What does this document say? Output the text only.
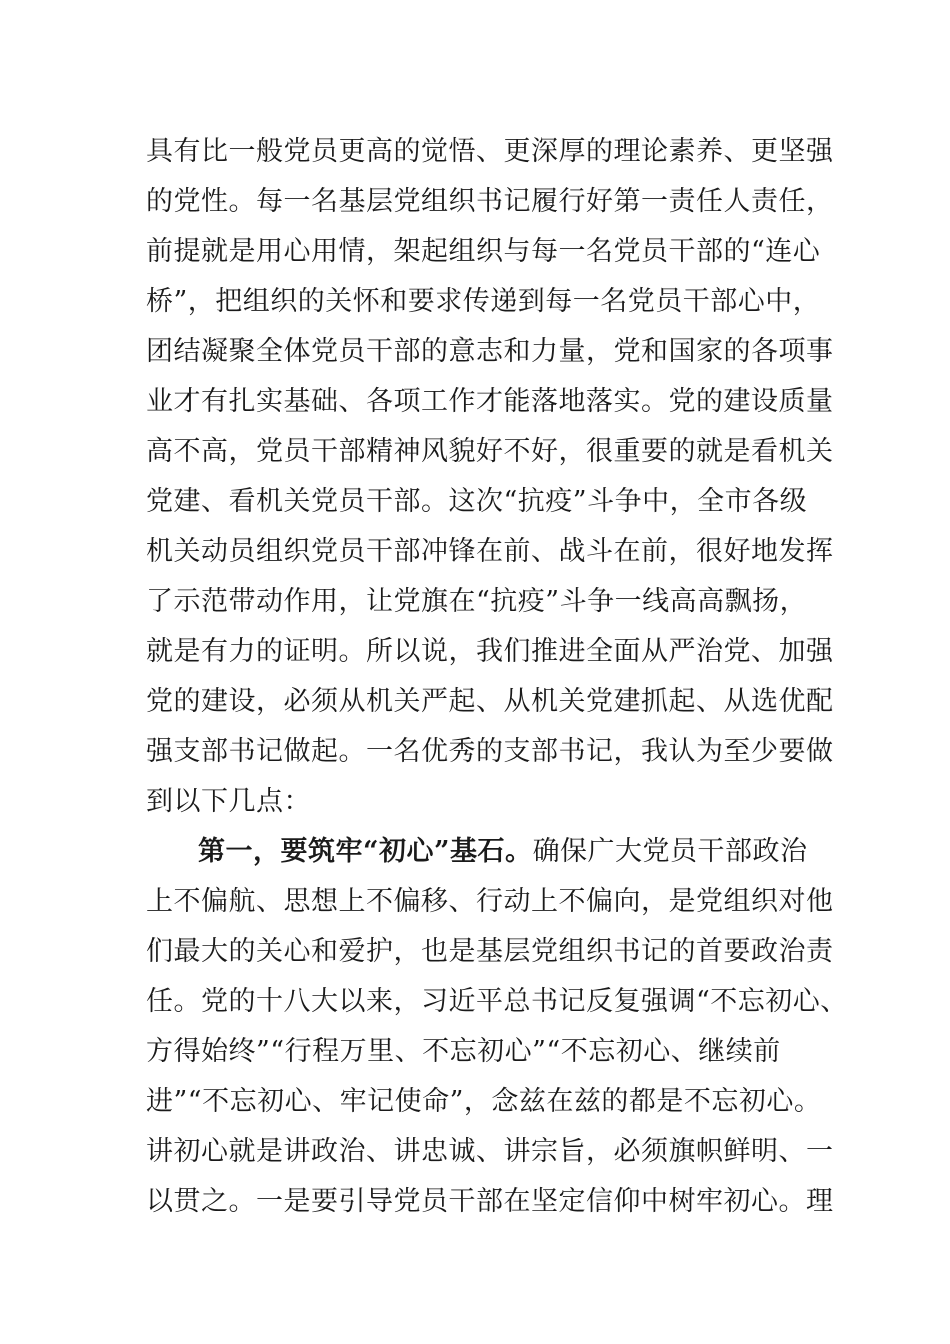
具有比一般党员更高的觉悟、更深厚的理论素养、更坚强
的党性。每一名基层党组织书记履行好第一责任人责任，
前提就是用心用情，架起组织与每一名党员干部的“连心
桥”，把组织的关怀和要求传递到每一名党员干部心中，
团结凝聚全体党员干部的意志和力量，党和国家的各项事
业才有扎实基础、各项工作才能落地落实。党的建设质量
高不高，党员干部精神风貌好不好，很重要的就是看机关
党建、看机关党员干部。这次“抗疫”斗争中，全市各级
机关动员组织党员干部冲锋在前、战斗在前，很好地发挥
了示范带动作用，让党旗在“抗疫”斗争一线高高飘扬，
就是有力的证明。所以说，我们推进全面从严治党、加强
党的建设，必须从机关严起、从机关党建抓起、从选优配
强支部书记做起。一名优秀的支部书记，我认为至少要做
到以下几点：
第一，要筑牢“初心”基石。确保广大党员干部政治
上不偏航、思想上不偏移、行动上不偏向，是党组织对他
们最大的关心和爱护，也是基层党组织书记的首要政治责
任。党的十八大以来，习近平总书记反复强调“不忘初心、
方得始终”“行程万里、不忘初心”“不忘初心、继续前
进”“不忘初心、牢记使命”，念兹在兹的都是不忘初心。
讲初心就是讲政治、讲忠诚、讲宗旨，必须旗帜鲜明、一
以贯之。一是要引导党员干部在坚定信仰中树牢初心。理
